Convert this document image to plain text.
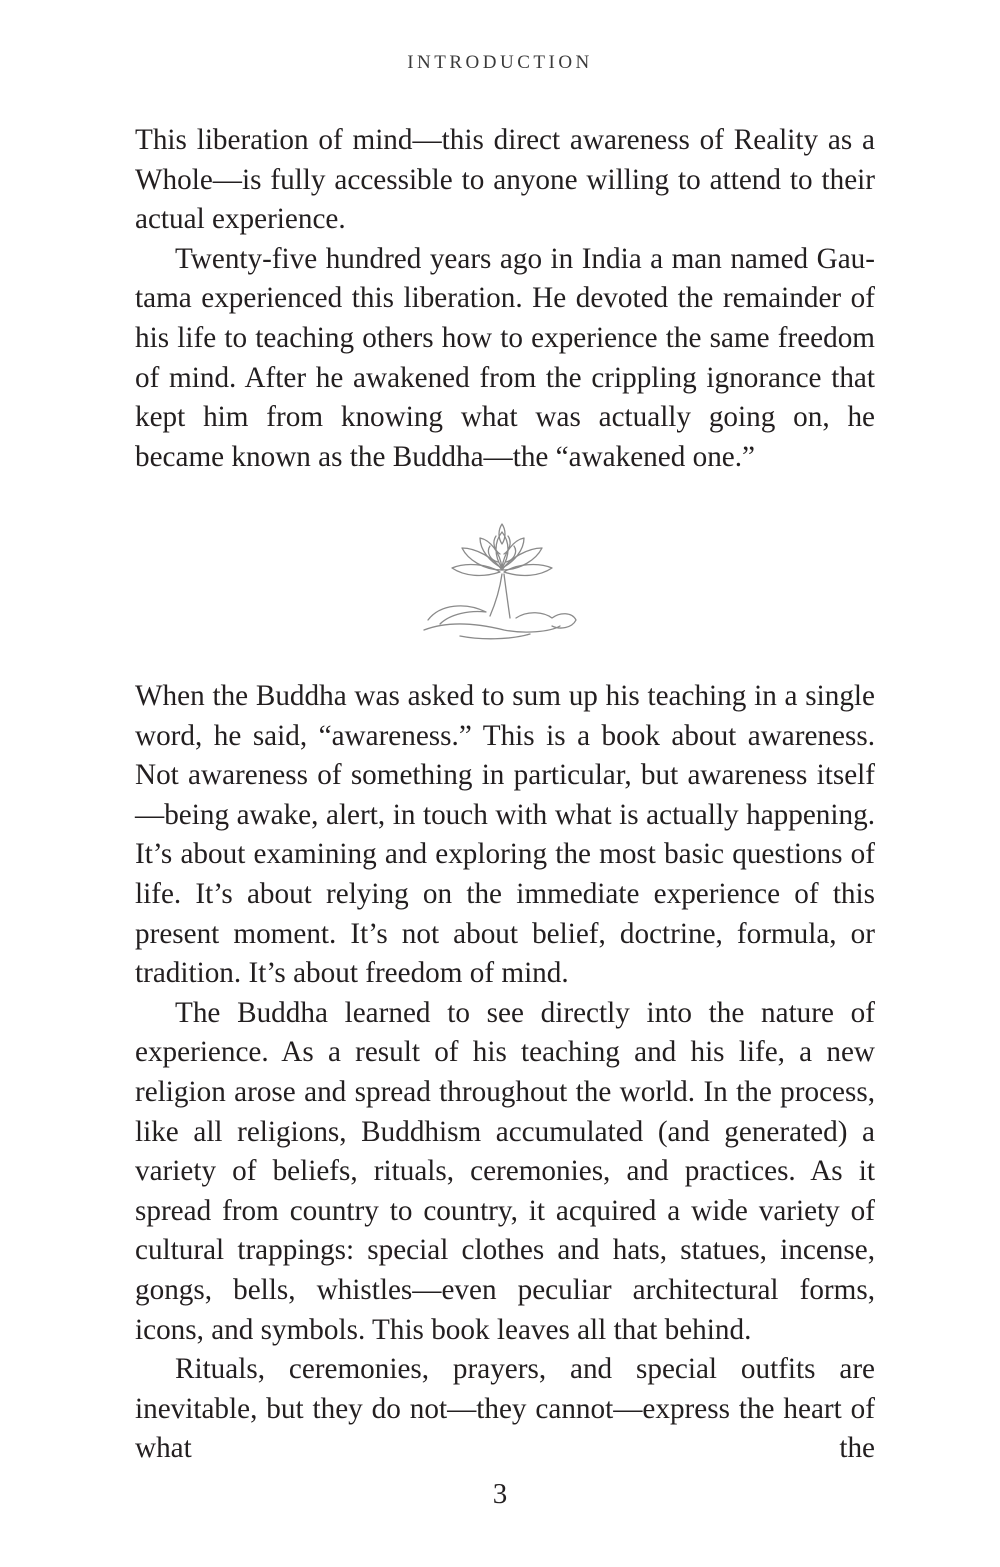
INTRODUCTION

This liberation of mind—this direct awareness of Reality as a Whole—is fully accessible to anyone willing to attend to their actual experience.

Twenty-five hundred years ago in India a man named Gautama experienced this liberation. He devoted the remainder of his life to teaching others how to experience the same freedom of mind. After he awakened from the crippling ignorance that kept him from knowing what was actually going on, he became known as the Buddha—the “awakened one.”

When the Buddha was asked to sum up his teaching in a single word, he said, “awareness.” This is a book about awareness. Not awareness of something in particular, but awareness itself—being awake, alert, in touch with what is actually happening. It’s about examining and exploring the most basic questions of life. It’s about relying on the immediate experience of this present moment. It’s not about belief, doctrine, formula, or tradition. It’s about freedom of mind.

The Buddha learned to see directly into the nature of experience. As a result of his teaching and his life, a new religion arose and spread throughout the world. In the process, like all religions, Buddhism accumulated (and generated) a variety of beliefs, rituals, ceremonies, and practices. As it spread from country to country, it acquired a wide variety of cultural trappings: special clothes and hats, statues, incense, gongs, bells, whistles—even peculiar architectural forms, icons, and symbols. This book leaves all that behind.

Rituals, ceremonies, prayers, and special outfits are inevitable, but they do not—they cannot—express the heart of what the

3
